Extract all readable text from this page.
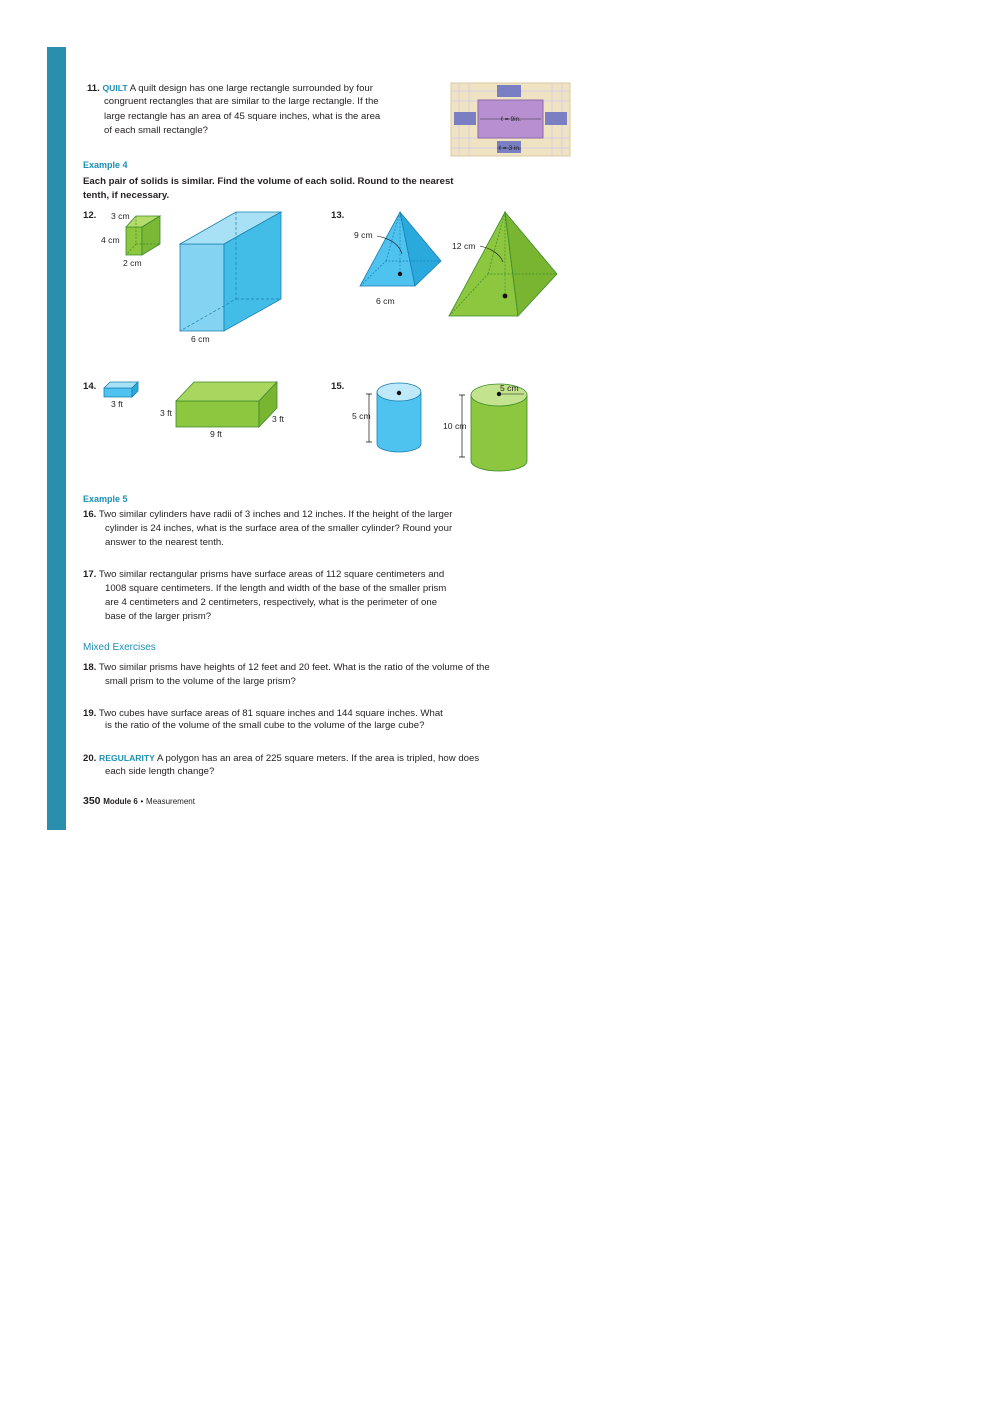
11. QUILT A quilt design has one large rectangle surrounded by four
congruent rectangles that are similar to the large rectangle. If the
large rectangle has an area of 45 square inches, what is the area
of each small rectangle?
ℓ = 9in.
ℓ = 3 in.
Example 4
Each pair of solids is similar. Find the volume of each solid. Round to the nearest
tenth, if necessary.
12. 3 cm
4 cm
2 cm
6 cm
13.
9 cm
6 cm
12 cm
14.
3 ft
3 ft
3 ft
9 ft
15.
5 cm
5 cm
10 cm
Example 5
16. Two similar cylinders have radii of 3 inches and 12 inches. If the height of the larger
cylinder is 24 inches, what is the surface area of the smaller cylinder? Round your
answer to the nearest tenth.
17. Two similar rectangular prisms have surface areas of 112 square centimeters and
1008 square centimeters. If the length and width of the base of the smaller prism
are 4 centimeters and 2 centimeters, respectively, what is the perimeter of one
base of the larger prism?
Mixed Exercises
18. Two similar prisms have heights of 12 feet and 20 feet. What is the ratio of the volume of the
small prism to the volume of the large prism?
19. Two cubes have surface areas of 81 square inches and 144 square inches. What
is the ratio of the volume of the small cube to the volume of the large cube?
20. REGULARITY A polygon has an area of 225 square meters. If the area is tripled, how does
each side length change?
350 Module 6 • Measurement
